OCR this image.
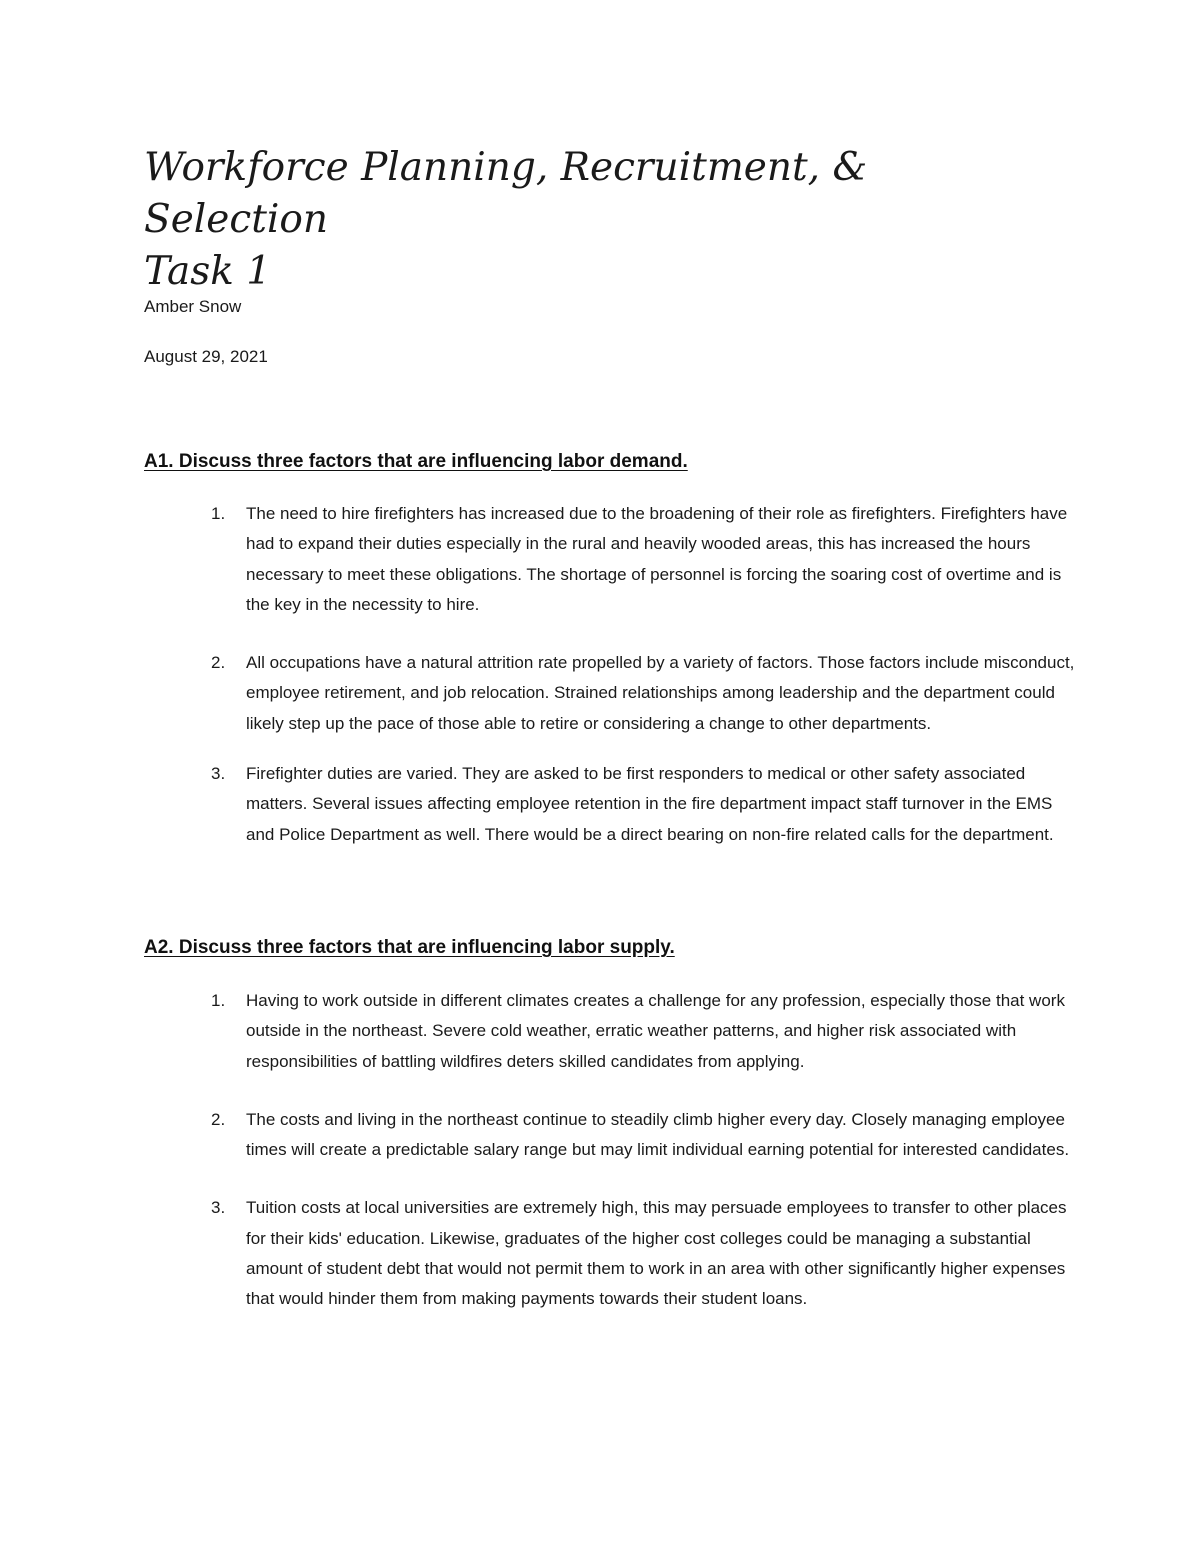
Workforce Planning, Recruitment, & Selection
Task 1

Amber Snow

August 29, 2021

A1. Discuss three factors that are influencing labor demand.
1. The need to hire firefighters has increased due to the broadening of their role as firefighters. Firefighters have had to expand their duties especially in the rural and heavily wooded areas, this has increased the hours necessary to meet these obligations. The shortage of personnel is forcing the soaring cost of overtime and is the key in the necessity to hire.
2. All occupations have a natural attrition rate propelled by a variety of factors. Those factors include misconduct, employee retirement, and job relocation. Strained relationships among leadership and the department could likely step up the pace of those able to retire or considering a change to other departments.
3. Firefighter duties are varied. They are asked to be first responders to medical or other safety associated matters. Several issues affecting employee retention in the fire department impact staff turnover in the EMS and Police Department as well. There would be a direct bearing on non-fire related calls for the department.
A2. Discuss three factors that are influencing labor supply.
1. Having to work outside in different climates creates a challenge for any profession, especially those that work outside in the northeast. Severe cold weather, erratic weather patterns, and higher risk associated with responsibilities of battling wildfires deters skilled candidates from applying.
2. The costs and living in the northeast continue to steadily climb higher every day. Closely managing employee times will create a predictable salary range but may limit individual earning potential for interested candidates.
3. Tuition costs at local universities are extremely high, this may persuade employees to transfer to other places for their kids' education. Likewise, graduates of the higher cost colleges could be managing a substantial amount of student debt that would not permit them to work in an area with other significantly higher expenses that would hinder them from making payments towards their student loans.
